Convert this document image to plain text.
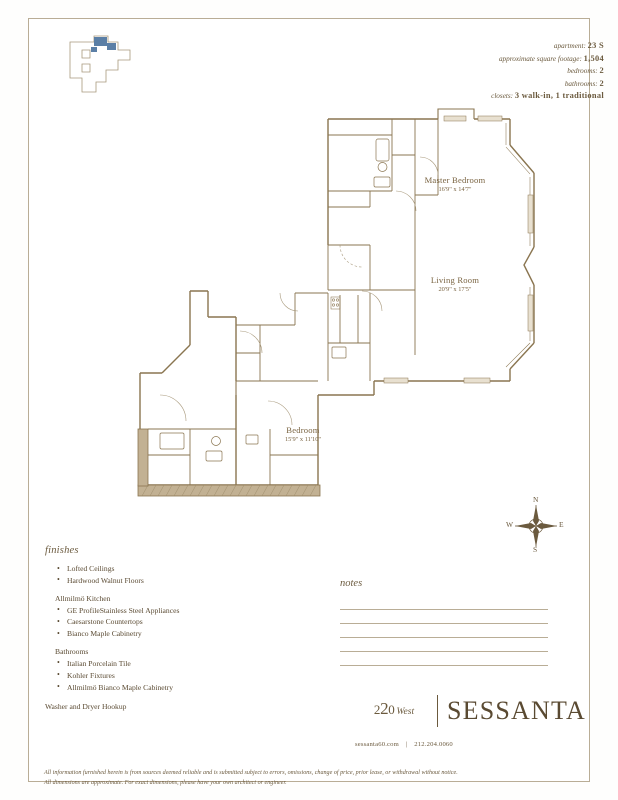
apartment: 23 S
approximate square footage: 1,504
bedrooms: 2
bathrooms: 2
closets: 3 walk-in, 1 traditional
Master Bedroom
16'9" x 14'7"
Living Room
20'9" x 17'5"
Bedroom
15'9" x 11'10"
N
S
E
W
finishes
• Lofted Ceilings
• Hardwood Walnut Floors
Allmilmö Kitchen
• GE ProfileStainless Steel Appliances
• Caesarstone Countertops
• Bianco Maple Cabinetry
Bathrooms
• Italian Porcelain Tile
• Kohler Fixtures
• Allmilmö Bianco Maple Cabinetry
Washer and Dryer Hookup
notes
220 West	SESSANTA
sessanta60.com | 212.204.0060
All information furnished herein is from sources deemed reliable and is submitted subject to errors, omissions, change of price, prior lease, or withdrawal without notice.
All dimensions are approximate. For exact dimensions, please have your own architect or engineer.
